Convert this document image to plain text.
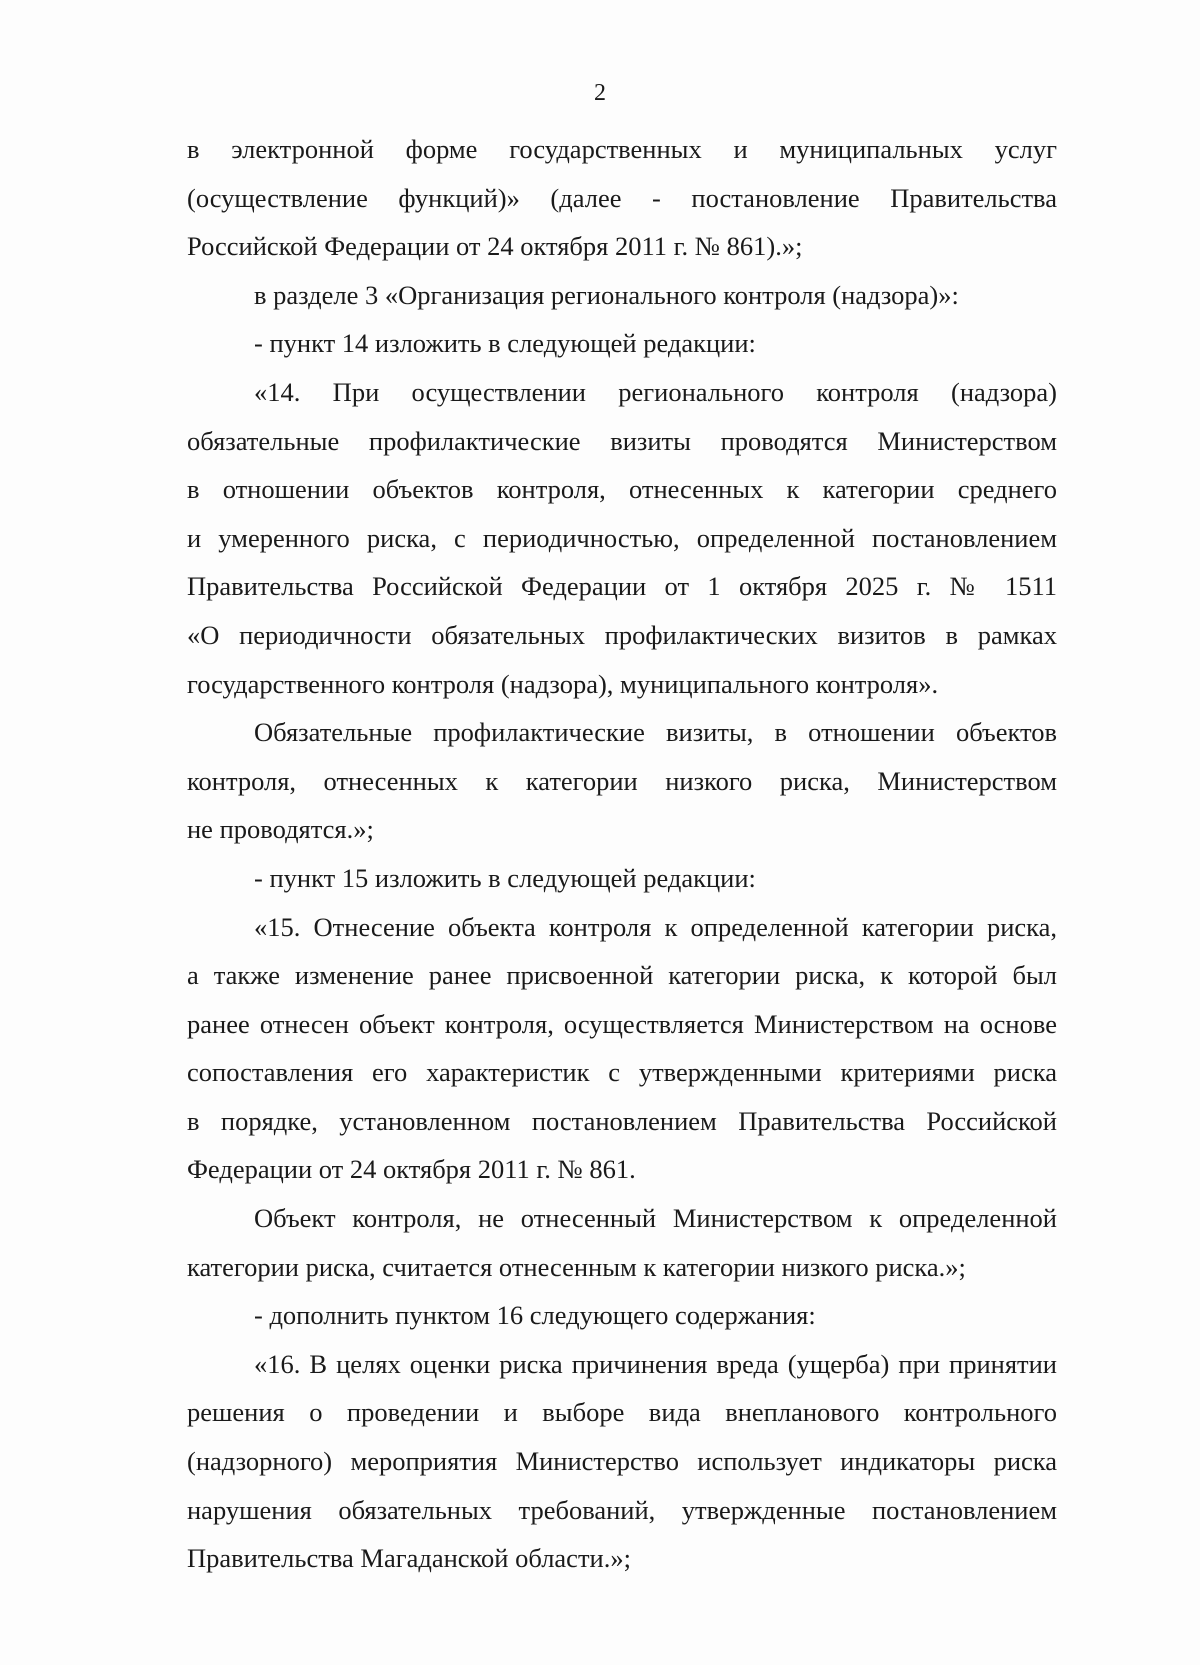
2
в электронной форме государственных и муниципальных услуг
(осуществление функций)» (далее - постановление Правительства
Российской Федерации от 24 октября 2011 г. № 861).»;
в разделе 3 «Организация регионального контроля (надзора)»:
- пункт 14 изложить в следующей редакции:
«14. При осуществлении регионального контроля (надзора)
обязательные профилактические визиты проводятся Министерством
в отношении объектов контроля, отнесенных к категории среднего
и умеренного риска, с периодичностью, определенной постановлением
Правительства Российской Федерации от 1 октября 2025 г. № 1511
«О периодичности обязательных профилактических визитов в рамках
государственного контроля (надзора), муниципального контроля».
Обязательные профилактические визиты, в отношении объектов
контроля, отнесенных к категории низкого риска, Министерством
не проводятся.»;
- пункт 15 изложить в следующей редакции:
«15. Отнесение объекта контроля к определенной категории риска,
а также изменение ранее присвоенной категории риска, к которой был
ранее отнесен объект контроля, осуществляется Министерством на основе
сопоставления его характеристик с утвержденными критериями риска
в порядке, установленном постановлением Правительства Российской
Федерации от 24 октября 2011 г. № 861.
Объект контроля, не отнесенный Министерством к определенной
категории риска, считается отнесенным к категории низкого риска.»;
- дополнить пунктом 16 следующего содержания:
«16. В целях оценки риска причинения вреда (ущерба) при принятии
решения о проведении и выборе вида внепланового контрольного
(надзорного) мероприятия Министерство использует индикаторы риска
нарушения обязательных требований, утвержденные постановлением
Правительства Магаданской области.»;
